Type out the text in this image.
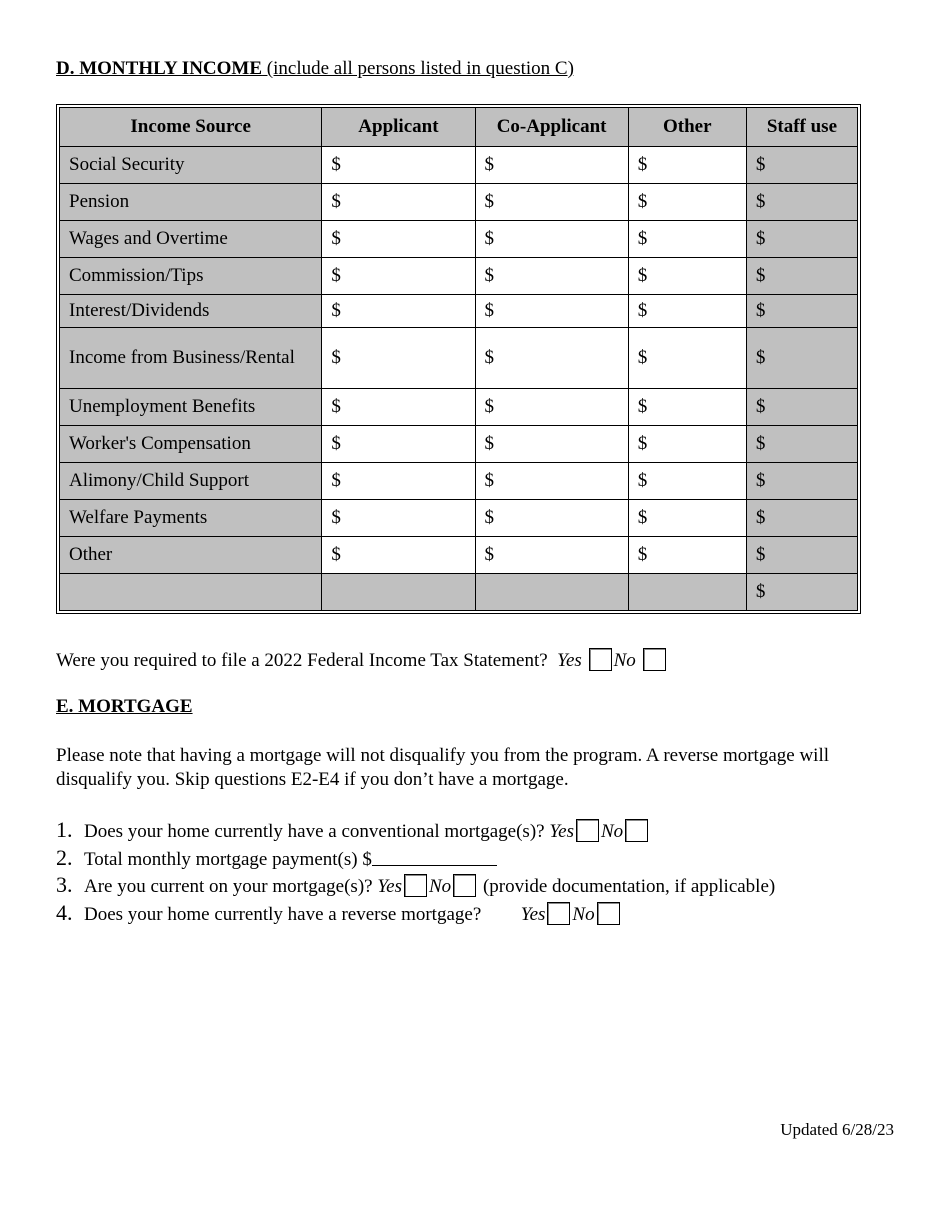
D. MONTHLY INCOME (include all persons listed in question C)
Income Source	Applicant	Co-Applicant	Other	Staff use
Social Security	$	$	$	$
Pension	$	$	$	$
Wages and Overtime	$	$	$	$
Commission/Tips	$	$	$	$
Interest/Dividends	$	$	$	$
Income from Business/Rental	$	$	$	$
Unemployment Benefits	$	$	$	$
Worker's Compensation	$	$	$	$
Alimony/Child Support	$	$	$	$
Welfare Payments	$	$	$	$
Other	$	$	$	$
				$
Were you required to file a 2022 Federal Income Tax Statement? Yes No
E. MORTGAGE
Please note that having a mortgage will not disqualify you from the program. A reverse mortgage will disqualify you. Skip questions E2-E4 if you don’t have a mortgage.
1. Does your home currently have a conventional mortgage(s)? Yes No
2. Total monthly mortgage payment(s) $
3. Are you current on your mortgage(s)? Yes No (provide documentation, if applicable)
4. Does your home currently have a reverse mortgage? Yes No
Updated 6/28/23
